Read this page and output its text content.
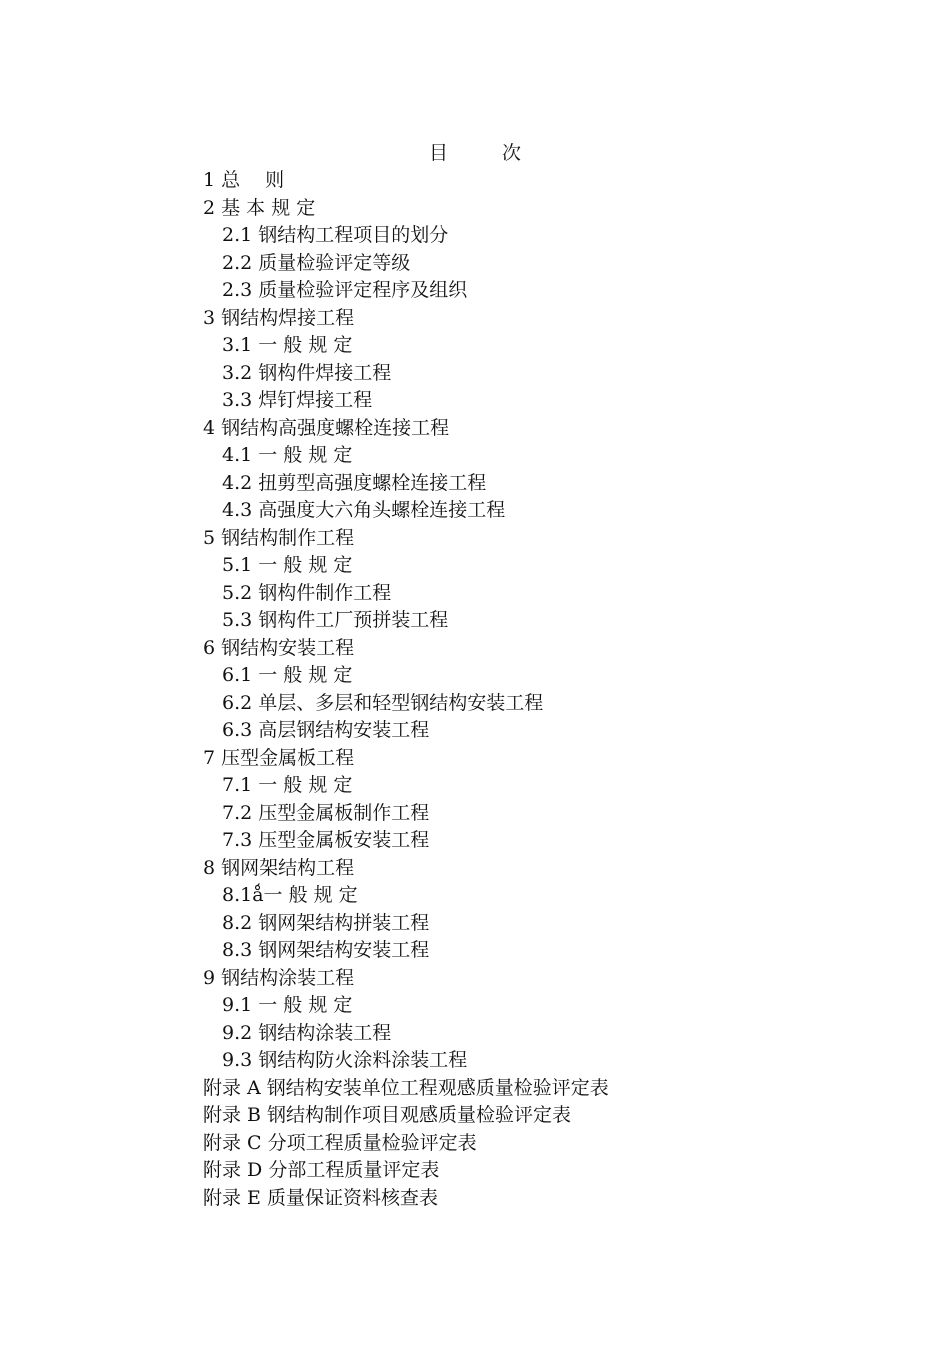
目 次
1 总　 则
2 基 本 规 定
2.1 钢结构工程项目的划分
2.2 质量检验评定等级
2.3 质量检验评定程序及组织
3 钢结构焊接工程
3.1 一 般 规 定
3.2 钢构件焊接工程
3.3 焊钉焊接工程
4 钢结构高强度螺栓连接工程
4.1 一 般 规 定
4.2 扭剪型高强度螺栓连接工程
4.3 高强度大六角头螺栓连接工程
5 钢结构制作工程
5.1 一 般 规 定
5.2 钢构件制作工程
5.3 钢构件工厂预拼装工程
6 钢结构安装工程
6.1 一 般 规 定
6.2 单层、多层和轻型钢结构安装工程
6.3 高层钢结构安装工程
7 压型金属板工程
7.1 一 般 规 定
7.2 压型金属板制作工程
7.3 压型金属板安装工程
8 钢网架结构工程
8.1ǻ一 般 规 定
8.2 钢网架结构拼装工程
8.3 钢网架结构安装工程
9 钢结构涂装工程
9.1 一 般 规 定
9.2 钢结构涂装工程
9.3 钢结构防火涂料涂装工程
附录 A 钢结构安装单位工程观感质量检验评定表
附录 B 钢结构制作项目观感质量检验评定表
附录 C 分项工程质量检验评定表
附录 D 分部工程质量评定表
附录 E 质量保证资料核查表
